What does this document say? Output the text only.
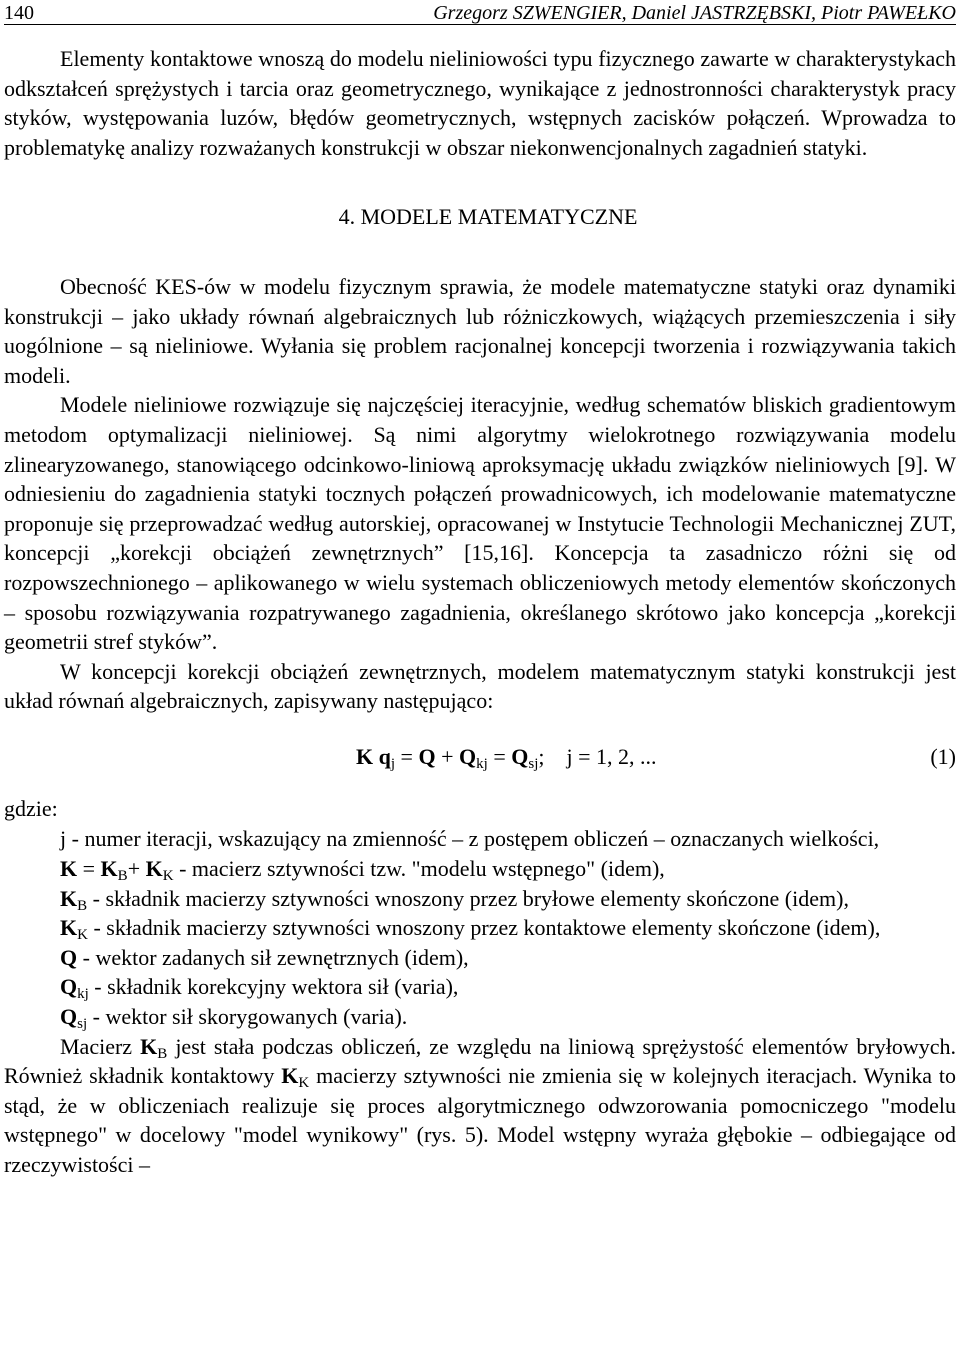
140	Grzegorz SZWENGIER, Daniel JASTRZĘBSKI, Piotr PAWEŁKO

Elementy kontaktowe wnoszą do modelu nieliniowości typu fizycznego zawarte w charakterystykach odkształceń sprężystych i tarcia oraz geometrycznego, wynikające z jednostronności charakterystyk pracy styków, występowania luzów, błędów geometrycznych, wstępnych zacisków połączeń. Wprowadza to problematykę analizy rozważanych konstrukcji w obszar niekonwencjonalnych zagadnień statyki.

4. MODELE MATEMATYCZNE

Obecność KES-ów w modelu fizycznym sprawia, że modele matematyczne statyki oraz dynamiki konstrukcji – jako układy równań algebraicznych lub różniczkowych, wiążących przemieszczenia i siły uogólnione – są nieliniowe. Wyłania się problem racjonalnej koncepcji tworzenia i rozwiązywania takich modeli.

Modele nieliniowe rozwiązuje się najczęściej iteracyjnie, według schematów bliskich gradientowym metodom optymalizacji nieliniowej. Są nimi algorytmy wielokrotnego rozwiązywania modelu zlinearyzowanego, stanowiącego odcinkowo-liniową aproksymację układu związków nieliniowych [9]. W odniesieniu do zagadnienia statyki tocznych połączeń prowadnicowych, ich modelowanie matematyczne proponuje się przeprowadzać według autorskiej, opracowanej w Instytucie Technologii Mechanicznej ZUT, koncepcji „korekcji obciążeń zewnętrznych” [15,16]. Koncepcja ta zasadniczo różni się od rozpowszechnionego – aplikowanego w wielu systemach obliczeniowych metody elementów skończonych – sposobu rozwiązywania rozpatrywanego zagadnienia, określanego skrótowo jako koncepcja „korekcji geometrii stref styków”.

W koncepcji korekcji obciążeń zewnętrznych, modelem matematycznym statyki konstrukcji jest układ równań algebraicznych, zapisywany następująco:

K $q_j = Q + Q_{kj} = Q_{sj}$;    j = 1, 2, ...	(1)
gdzie:
j - numer iteracji, wskazujący na zmienność – z postępem obliczeń – oznaczanych wielkości,
$K = K_B+ K_K$ - macierz sztywności tzw. "modelu wstępnego" (idem),
$K_B$ - składnik macierzy sztywności wnoszony przez bryłowe elementy skończone (idem),
$K_K$ - składnik macierzy sztywności wnoszony przez kontaktowe elementy skończone (idem),
Q - wektor zadanych sił zewnętrznych (idem),
$Q_{kj}$ - składnik korekcyjny wektora sił (varia),
$Q_{sj}$ - wektor sił skorygowanych (varia).

Macierz $K_B$ jest stała podczas obliczeń, ze względu na liniową sprężystość elementów bryłowych. Również składnik kontaktowy $K_K$ macierzy sztywności nie zmienia się w kolejnych iteracjach. Wynika to stąd, że w obliczeniach realizuje się proces algorytmicznego odwzorowania pomocniczego "modelu wstępnego" w docelowy "model wynikowy" (rys. 5). Model wstępny wyraża głębokie – odbiegające od rzeczywistości –
